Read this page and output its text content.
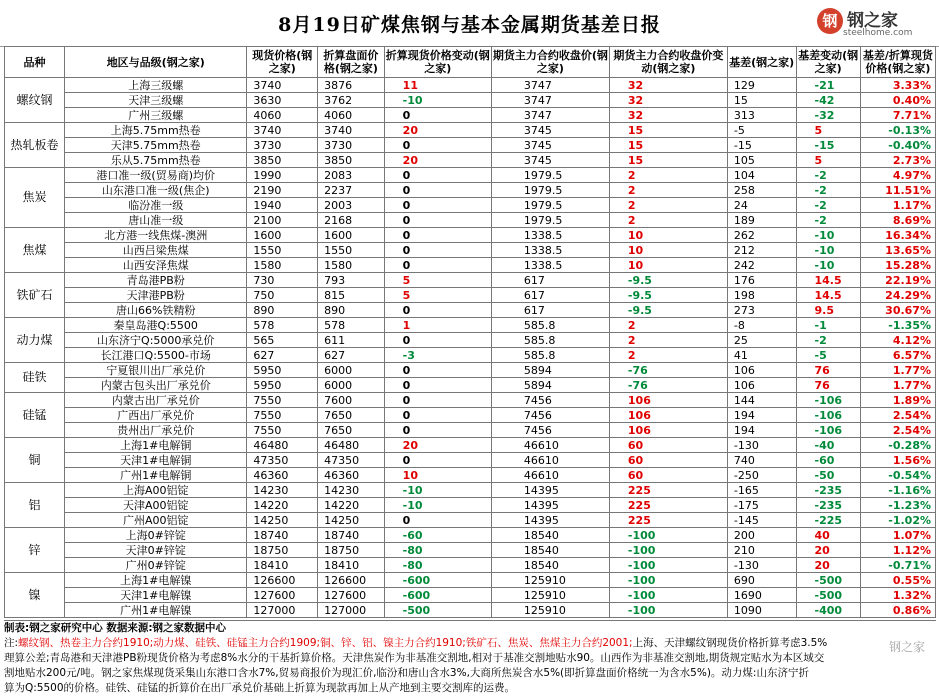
8月19日矿煤焦钢与基本金属期货基差日报	钢 钢之家
steelhome.com
品种	地区与品级(钢之家)	现货价格(钢之家)	折算盘面价格(钢之家)	折算现货价格变动(钢之家)	期货主力合约收盘价(钢之家)	期货主力合约收盘价变动(钢之家)	基差(钢之家)	基差变动(钢之家)	基差/折算现货价格(钢之家)
螺纹钢	上海三级螺	3740	3876	11	3747	32	129	-21	3.33%
	天津三级螺	3630	3762	-10	3747	32	15	-42	0.40%
	广州三级螺	4060	4060	0	3747	32	313	-32	7.71%
热轧板卷	上海5.75mm热卷	3740	3740	20	3745	15	-5	5	-0.13%
	天津5.75mm热卷	3730	3730	0	3745	15	-15	-15	-0.40%
	乐从5.75mm热卷	3850	3850	20	3745	15	105	5	2.73%
焦炭	港口准一级(贸易商)均价	1990	2083	0	1979.5	2	104	-2	4.97%
	山东港口准一级(焦企)	2190	2237	0	1979.5	2	258	-2	11.51%
	临汾准一级	1940	2003	0	1979.5	2	24	-2	1.17%
	唐山准一级	2100	2168	0	1979.5	2	189	-2	8.69%
焦煤	北方港一线焦煤-澳洲	1600	1600	0	1338.5	10	262	-10	16.34%
	山西吕梁焦煤	1550	1550	0	1338.5	10	212	-10	13.65%
	山西安泽焦煤	1580	1580	0	1338.5	10	242	-10	15.28%
铁矿石	青岛港PB粉	730	793	5	617	-9.5	176	14.5	22.19%
	天津港PB粉	750	815	5	617	-9.5	198	14.5	24.29%
	唐山66%铁精粉	890	890	0	617	-9.5	273	9.5	30.67%
动力煤	秦皇岛港Q:5500	578	578	1	585.8	2	-8	-1	-1.35%
	山东济宁Q:5000承兑价	565	611	0	585.8	2	25	-2	4.12%
	长江港口Q:5500-市场	627	627	-3	585.8	2	41	-5	6.57%
硅铁	宁夏银川出厂承兑价	5950	6000	0	5894	-76	106	76	1.77%
	内蒙古包头出厂承兑价	5950	6000	0	5894	-76	106	76	1.77%
硅锰	内蒙古出厂承兑价	7550	7600	0	7456	106	144	-106	1.89%
	广西出厂承兑价	7550	7650	0	7456	106	194	-106	2.54%
	贵州出厂承兑价	7550	7650	0	7456	106	194	-106	2.54%
铜	上海1#电解铜	46480	46480	20	46610	60	-130	-40	-0.28%
	天津1#电解铜	47350	47350	0	46610	60	740	-60	1.56%
	广州1#电解铜	46360	46360	10	46610	60	-250	-50	-0.54%
铝	上海A00铝锭	14230	14230	-10	14395	225	-165	-235	-1.16%
	天津A00铝锭	14220	14220	-10	14395	225	-175	-235	-1.23%
	广州A00铝锭	14250	14250	0	14395	225	-145	-225	-1.02%
锌	上海0#锌锭	18740	18740	-60	18540	-100	200	40	1.07%
	天津0#锌锭	18750	18750	-80	18540	-100	210	20	1.12%
	广州0#锌锭	18410	18410	-80	18540	-100	-130	20	-0.71%
镍	上海1#电解镍	126600	126600	-600	125910	-100	690	-500	0.55%
	天津1#电解镍	127600	127600	-600	125910	-100	1690	-500	1.32%
	广州1#电解镍	127000	127000	-500	125910	-100	1090	-400	0.86%
制表:钢之家研究中心 数据来源:钢之家数据中心
注:螺纹钢、热卷主力合约1910;动力煤、硅铁、硅锰主力合约1909;铜、锌、铝、镍主力合约1910;铁矿石、焦炭、焦煤主力合约2001;上海、天津螺纹钢现货价格折算考虑3.5%
理算公差;青岛港和天津港PB粉现货价格为考虑8%水分的干基折算价格。天津焦炭作为非基准交割地,相对于基准交割地贴水90。山西作为非基准交割地,期货规定贴水为本区域交
割地贴水200元/吨。钢之家焦煤现货采集山东港口含水7%,贸易商报价为现汇价,临汾和唐山含水3%,大商所焦炭含水5%(即折算盘面价格统一为含水5%)。动力煤:山东济宁折
算为Q:5500的价格。硅铁、硅锰的折算价在出厂承兑价基础上折算为现款再加上从产地到主要交割库的运费。
钢之家
